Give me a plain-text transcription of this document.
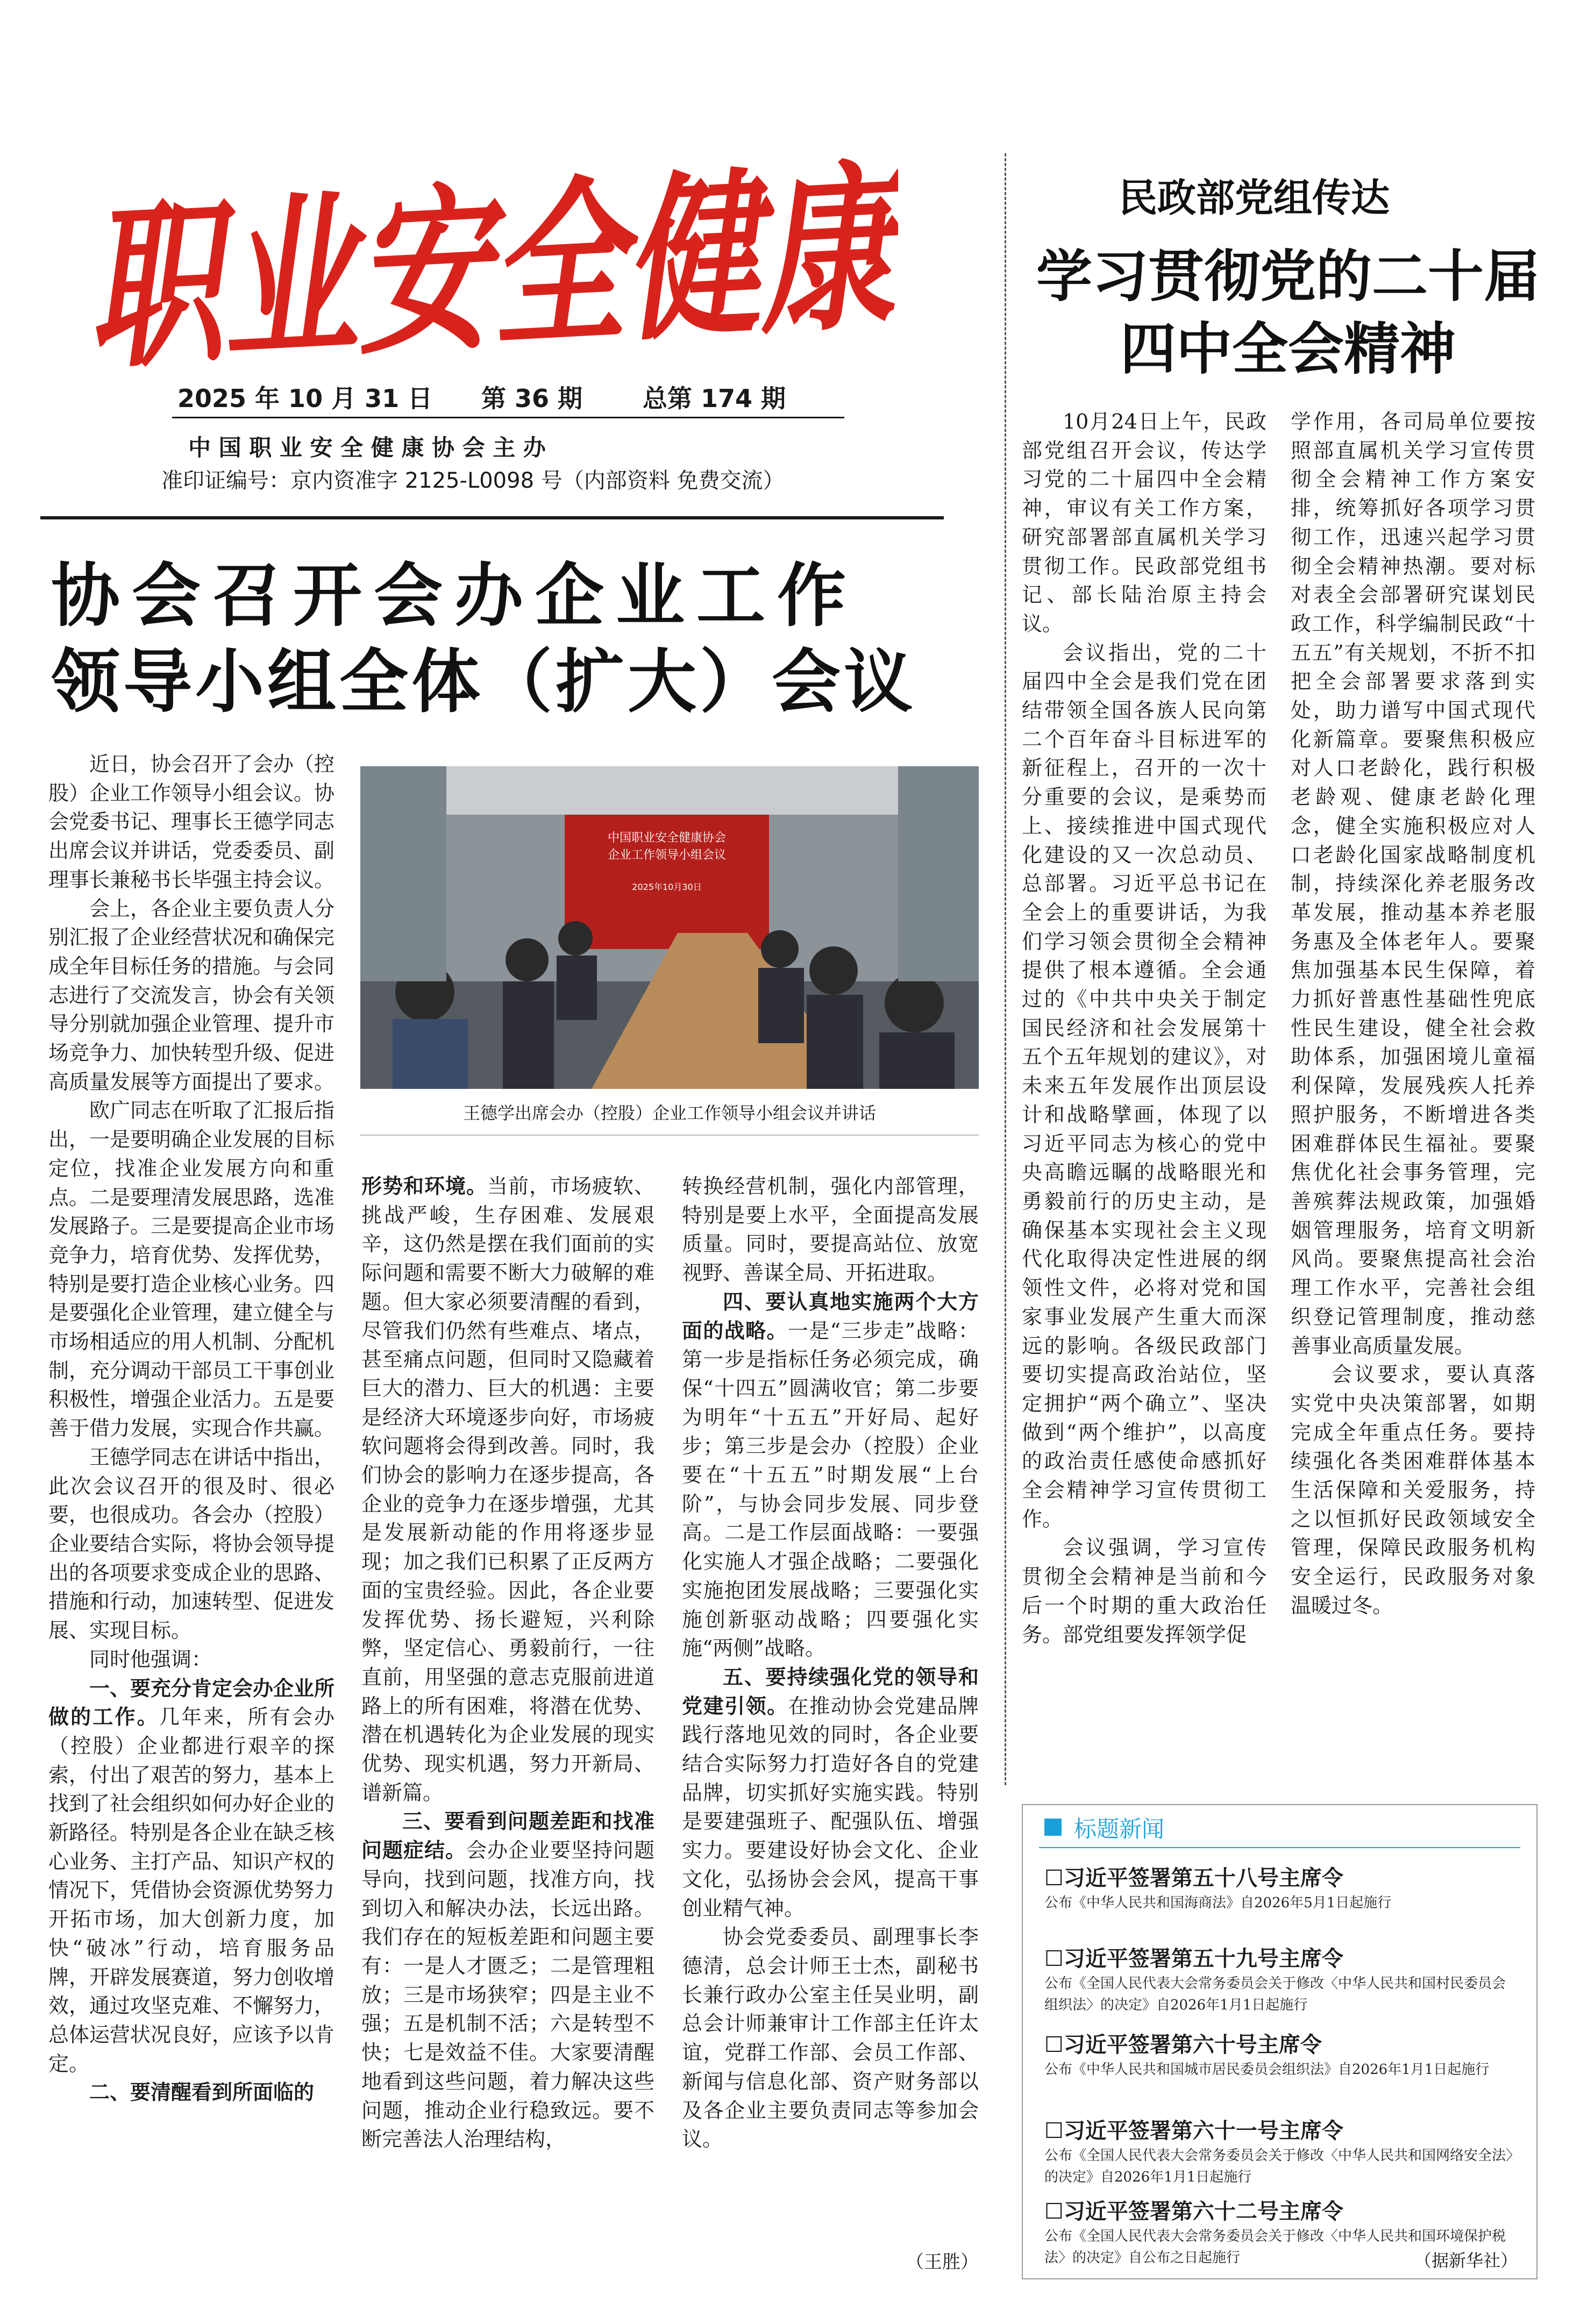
职业安全健康
2025 年 10 月 31 日 第 36 期 总第 174 期
中 国 职 业 安 全 健 康 协 会 主 办
准印证编号：京内资准字 2125-L0098 号（内部资料 免费交流）
协会召开会办企业工作
领导小组全体（扩大）会议
中国职业安全健康协会
企业工作领导小组会议
2025年10月30日
王德学出席会办（控股）企业工作领导小组会议并讲话

近日，协会召开了会办（控股）企业工作领导小组会议。协会党委书记、理事长王德学同志出席会议并讲话，党委委员、副理事长兼秘书长毕强主持会议。

会上，各企业主要负责人分别汇报了企业经营状况和确保完成全年目标任务的措施。与会同志进行了交流发言，协会有关领导分别就加强企业管理、提升市场竞争力、加快转型升级、促进高质量发展等方面提出了要求。

欧广同志在听取了汇报后指出，一是要明确企业发展的目标定位，找准企业发展方向和重点。二是要理清发展思路，选准发展路子。三是要提高企业市场竞争力，培育优势、发挥优势，特别是要打造企业核心业务。四是要强化企业管理，建立健全与市场相适应的用人机制、分配机制，充分调动干部员工干事创业积极性，增强企业活力。五是要善于借力发展，实现合作共赢。

王德学同志在讲话中指出，此次会议召开的很及时、很必要，也很成功。各会办（控股）企业要结合实际，将协会领导提出的各项要求变成企业的思路、措施和行动，加速转型、促进发展、实现目标。

同时他强调：

一、要充分肯定会办企业所做的工作。几年来，所有会办（控股）企业都进行艰辛的探索，付出了艰苦的努力，基本上找到了社会组织如何办好企业的新路径。特别是各企业在缺乏核心业务、主打产品、知识产权的情况下，凭借协会资源优势努力开拓市场，加大创新力度，加快“破冰”行动，培育服务品牌，开辟发展赛道，努力创收增效，通过攻坚克难、不懈努力，总体运营状况良好，应该予以肯定。

二、要清醒看到所面临的

形势和环境。当前，市场疲软、挑战严峻，生存困难、发展艰辛，这仍然是摆在我们面前的实际问题和需要不断大力破解的难题。但大家必须要清醒的看到，尽管我们仍然有些难点、堵点，甚至痛点问题，但同时又隐藏着巨大的潜力、巨大的机遇：主要是经济大环境逐步向好，市场疲软问题将会得到改善。同时，我们协会的影响力在逐步提高，各企业的竞争力在逐步增强，尤其是发展新动能的作用将逐步显现；加之我们已积累了正反两方面的宝贵经验。因此，各企业要发挥优势、扬长避短，兴利除弊，坚定信心、勇毅前行，一往直前，用坚强的意志克服前进道路上的所有困难，将潜在优势、潜在机遇转化为企业发展的现实优势、现实机遇，努力开新局、谱新篇。

三、要看到问题差距和找准问题症结。会办企业要坚持问题导向，找到问题，找准方向，找到切入和解决办法，长远出路。我们存在的短板差距和问题主要有：一是人才匮乏；二是管理粗放；三是市场狭窄；四是主业不强；五是机制不活；六是转型不快；七是效益不佳。大家要清醒地看到这些问题，着力解决这些问题，推动企业行稳致远。要不断完善法人治理结构，

转换经营机制，强化内部管理，特别是要上水平，全面提高发展质量。同时，要提高站位、放宽视野、善谋全局、开拓进取。

四、要认真地实施两个大方面的战略。一是“三步走”战略：第一步是指标任务必须完成，确保“十四五”圆满收官；第二步要为明年“十五五”开好局、起好步；第三步是会办（控股）企业要在“十五五”时期发展“上台阶”，与协会同步发展、同步登高。二是工作层面战略：一要强化实施人才强企战略；二要强化实施抱团发展战略；三要强化实施创新驱动战略；四要强化实施“两侧”战略。

五、要持续强化党的领导和党建引领。在推动协会党建品牌践行落地见效的同时，各企业要结合实际努力打造好各自的党建品牌，切实抓好实施实践。特别是要建强班子、配强队伍、增强实力。要建设好协会文化、企业文化，弘扬协会会风，提高干事创业精气神。

协会党委委员、副理事长李德清，总会计师王士杰，副秘书长兼行政办公室主任吴业明，副总会计师兼审计工作部主任许太谊，党群工作部、会员工作部、新闻与信息化部、资产财务部以及各企业主要负责同志等参加会议。

（王胜）
民政部党组传达
学习贯彻党的二十届
四中全会精神

10月24日上午，民政部党组召开会议，传达学习党的二十届四中全会精神，审议有关工作方案，研究部署部直属机关学习贯彻工作。民政部党组书记、部长陆治原主持会议。

会议指出，党的二十届四中全会是我们党在团结带领全国各族人民向第二个百年奋斗目标进军的新征程上，召开的一次十分重要的会议，是乘势而上、接续推进中国式现代化建设的又一次总动员、总部署。习近平总书记在全会上的重要讲话，为我们学习领会贯彻全会精神提供了根本遵循。全会通过的《中共中央关于制定国民经济和社会发展第十五个五年规划的建议》，对未来五年发展作出顶层设计和战略擘画，体现了以习近平同志为核心的党中央高瞻远瞩的战略眼光和勇毅前行的历史主动，是确保基本实现社会主义现代化取得决定性进展的纲领性文件，必将对党和国家事业发展产生重大而深远的影响。各级民政部门要切实提高政治站位，坚定拥护“两个确立”、坚决做到“两个维护”，以高度的政治责任感使命感抓好全会精神学习宣传贯彻工作。

会议强调，学习宣传贯彻全会精神是当前和今后一个时期的重大政治任务。部党组要发挥领学促

学作用，各司局单位要按照部直属机关学习宣传贯彻全会精神工作方案安排，统筹抓好各项学习贯彻工作，迅速兴起学习贯彻全会精神热潮。要对标对表全会部署研究谋划民政工作，科学编制民政“十五五”有关规划，不折不扣把全会部署要求落到实处，助力谱写中国式现代化新篇章。要聚焦积极应对人口老龄化，践行积极老龄观、健康老龄化理念，健全实施积极应对人口老龄化国家战略制度机制，持续深化养老服务改革发展，推动基本养老服务惠及全体老年人。要聚焦加强基本民生保障，着力抓好普惠性基础性兜底性民生建设，健全社会救助体系，加强困境儿童福利保障，发展残疾人托养照护服务，不断增进各类困难群体民生福祉。要聚焦优化社会事务管理，完善殡葬法规政策，加强婚姻管理服务，培育文明新风尚。要聚焦提高社会治理工作水平，完善社会组织登记管理制度，推动慈善事业高质量发展。

会议要求，要认真落实党中央决策部署，如期完成全年重点任务。要持续强化各类困难群体基本生活保障和关爱服务，持之以恒抓好民政领域安全管理，保障民政服务机构安全运行，民政服务对象温暖过冬。

标题新闻
☐习近平签署第五十八号主席令
公布《中华人民共和国海商法》自2026年5月1日起施行
☐习近平签署第五十九号主席令
公布《全国人民代表大会常务委员会关于修改〈中华人民共和国村民委员会组织法〉的决定》自2026年1月1日起施行
☐习近平签署第六十号主席令
公布《中华人民共和国城市居民委员会组织法》自2026年1月1日起施行
☐习近平签署第六十一号主席令
公布《全国人民代表大会常务委员会关于修改〈中华人民共和国网络安全法〉的决定》自2026年1月1日起施行
☐习近平签署第六十二号主席令
公布《全国人民代表大会常务委员会关于修改〈中华人民共和国环境保护税法〉的决定》自公布之日起施行	（据新华社）
